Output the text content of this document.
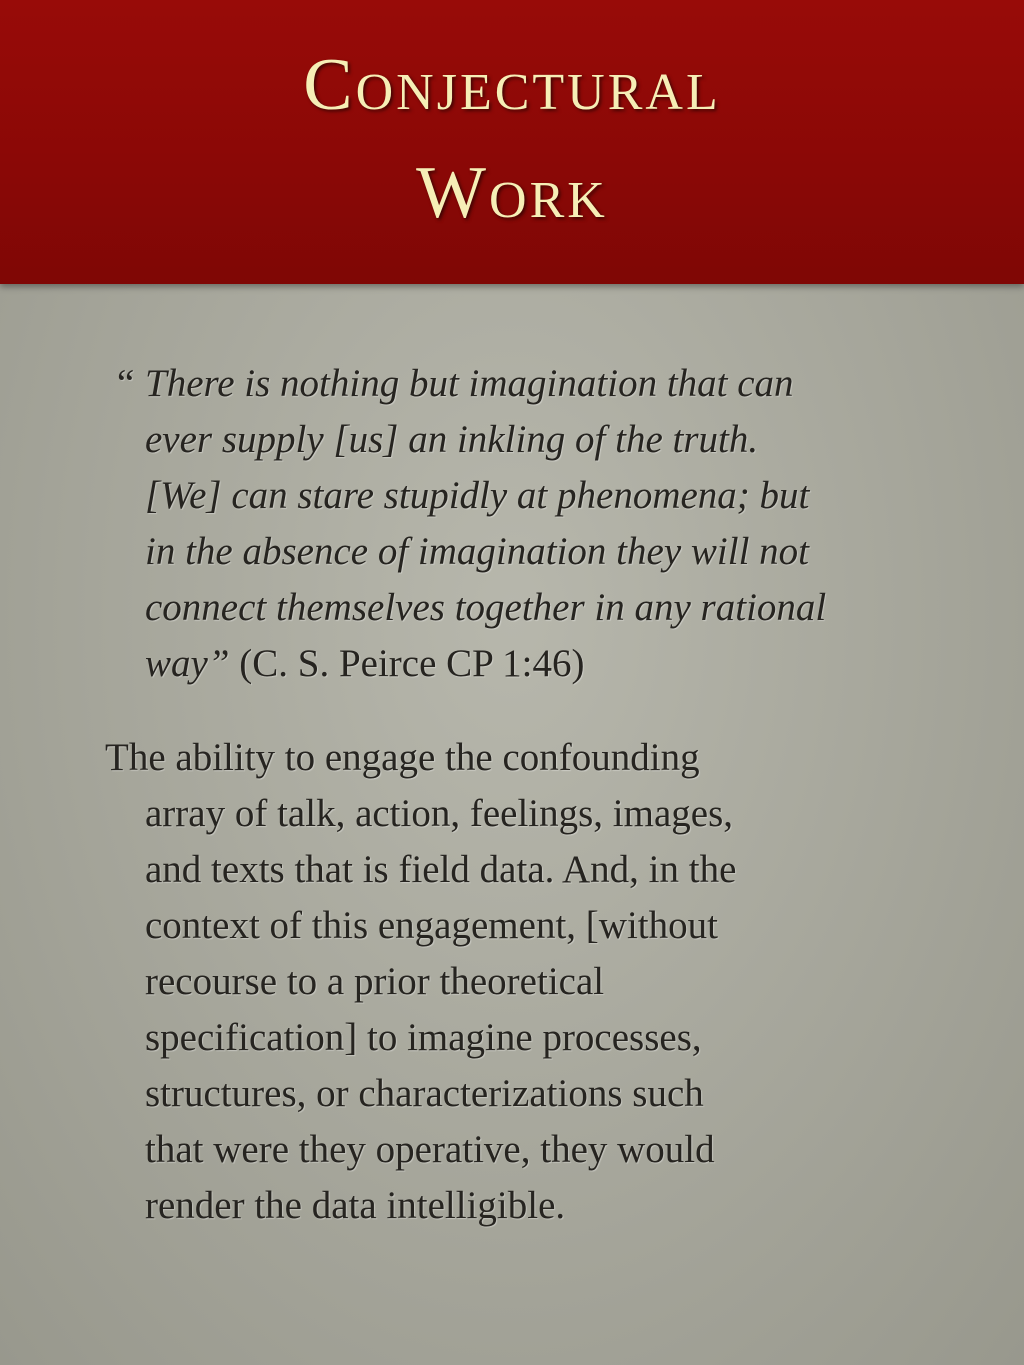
Conjectural
Work

“ There is nothing but imagination that can
ever supply [us] an inkling of the truth.
[We] can stare stupidly at phenomena; but
in the absence of imagination they will not
connect themselves together in any rational
way” (C. S. Peirce CP 1:46)

The ability to engage the confounding
array of talk, action, feelings, images,
and texts that is field data. And, in the
context of this engagement, [without
recourse to a prior theoretical
specification] to imagine processes,
structures, or characterizations such
that were they operative, they would
render the data intelligible.
